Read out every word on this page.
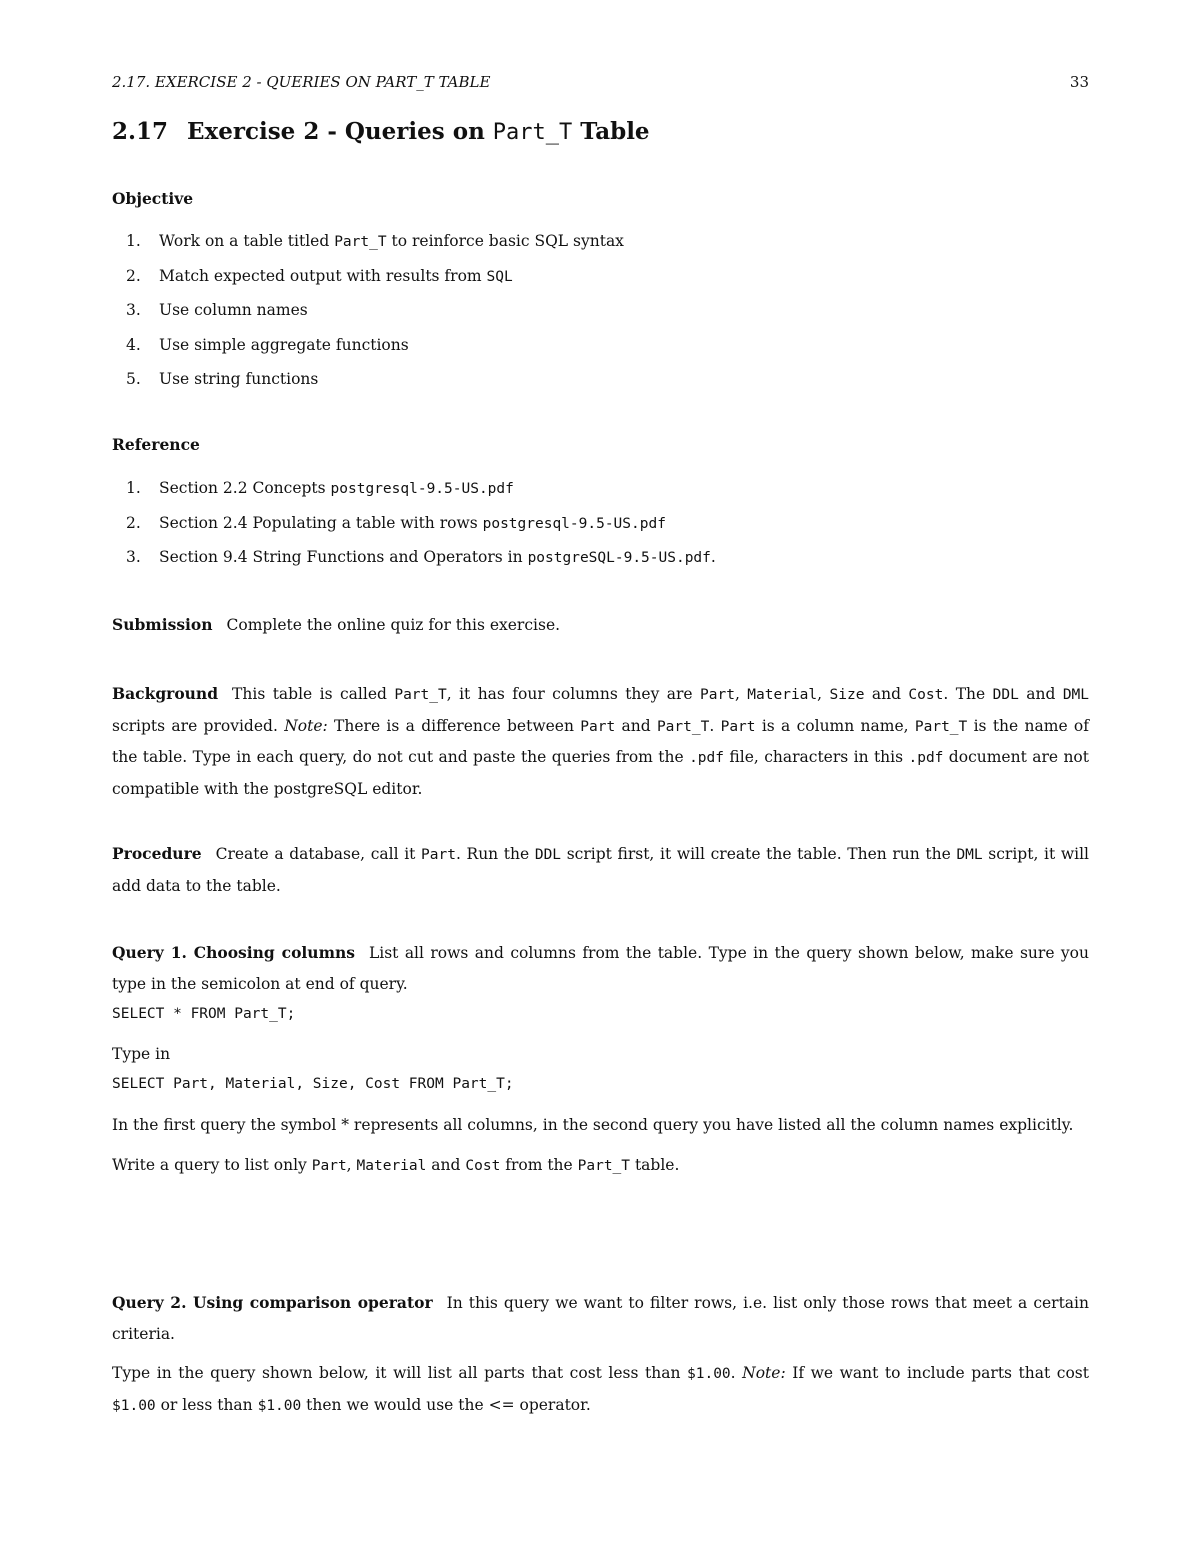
2.17. EXERCISE 2 - QUERIES ON PART_T TABLE	33
2.17 Exercise 2 - Queries on Part_T Table
Objective
1. Work on a table titled Part_T to reinforce basic SQL syntax
2. Match expected output with results from SQL
3. Use column names
4. Use simple aggregate functions
5. Use string functions
Reference
1. Section 2.2 Concepts postgresql-9.5-US.pdf
2. Section 2.4 Populating a table with rows postgresql-9.5-US.pdf
3. Section 9.4 String Functions and Operators in postgreSQL-9.5-US.pdf.
Submission Complete the online quiz for this exercise.
Background This table is called Part_T, it has four columns they are Part, Material, Size and Cost. The DDL and DML scripts are provided. Note: There is a difference between Part and Part_T. Part is a column name, Part_T is the name of the table. Type in each query, do not cut and paste the queries from the .pdf file, characters in this .pdf document are not compatible with the postgreSQL editor.
Procedure Create a database, call it Part. Run the DDL script first, it will create the table. Then run the DML script, it will add data to the table.
Query 1. Choosing columns List all rows and columns from the table. Type in the query shown below, make sure you type in the semicolon at end of query.
SELECT * FROM Part_T;
Type in
SELECT Part, Material, Size, Cost FROM Part_T;
In the first query the symbol * represents all columns, in the second query you have listed all the column names explicitly.
Write a query to list only Part, Material and Cost from the Part_T table.
Query 2. Using comparison operator In this query we want to filter rows, i.e. list only those rows that meet a certain criteria.
Type in the query shown below, it will list all parts that cost less than $1.00. Note: If we want to include parts that cost $1.00 or less than $1.00 then we would use the <= operator.
